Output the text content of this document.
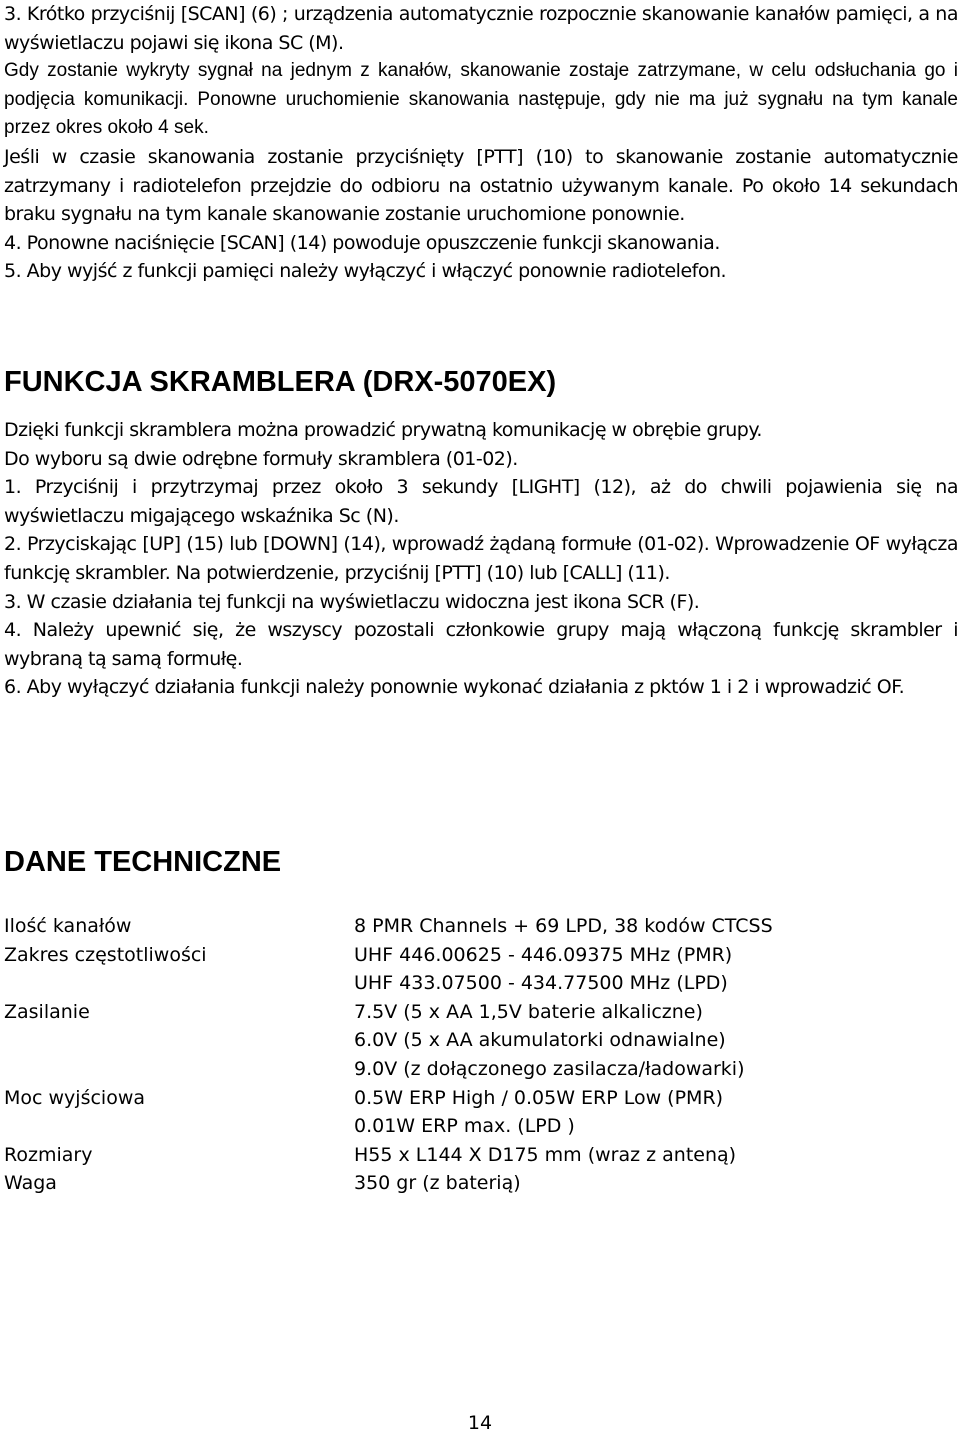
3. Krótko przyciśnij [SCAN] (6) ; urządzenia automatycznie rozpocznie skanowanie kanałów pamięci, a na wyświetlaczu pojawi się ikona SC (M).

Gdy zostanie wykryty sygnał na jednym z kanałów, skanowanie zostaje zatrzymane, w celu odsłuchania go i podjęcia komunikacji. Ponowne uruchomienie skanowania następuje, gdy nie ma już sygnału na tym kanale przez okres około 4 sek.

Jeśli w czasie skanowania zostanie przyciśnięty [PTT] (10) to skanowanie zostanie automatycznie zatrzymany i radiotelefon przejdzie do odbioru na ostatnio używanym kanale. Po około 14 sekundach braku sygnału na tym kanale skanowanie zostanie uruchomione ponownie.

4. Ponowne naciśnięcie [SCAN] (14) powoduje opuszczenie funkcji skanowania.

5. Aby wyjść z funkcji pamięci należy wyłączyć i włączyć ponownie radiotelefon.

FUNKCJA SKRAMBLERA (DRX-5070EX)

Dzięki funkcji skramblera można prowadzić prywatną komunikację w obrębie grupy.

Do wyboru są dwie odrębne formuły skramblera (01-02).

1. Przyciśnij i przytrzymaj przez około 3 sekundy [LIGHT] (12), aż do chwili pojawienia się na wyświetlaczu migającego wskaźnika Sc (N).

2. Przyciskając [UP] (15) lub [DOWN] (14), wprowadź żądaną formułe (01-02). Wprowadzenie OF wyłącza funkcję skrambler. Na potwierdzenie, przyciśnij [PTT] (10) lub [CALL] (11).

3. W czasie działania tej funkcji na wyświetlaczu widoczna jest ikona SCR (F).

4. Należy upewnić się, że wszyscy pozostali członkowie grupy mają włączoną funkcję skrambler i wybraną tą samą formułę.

6. Aby wyłączyć działania funkcji należy ponownie wykonać działania z pktów 1 i 2 i wprowadzić OF.

DANE TECHNICZNE
Ilość kanałów	8 PMR Channels + 69 LPD, 38 kodów CTCSS
Zakres częstotliwości	UHF 446.00625 - 446.09375 MHz (PMR)
UHF 433.07500 - 434.77500 MHz (LPD)
Zasilanie	7.5V (5 x AA 1,5V baterie alkaliczne)
6.0V (5 x AA akumulatorki odnawialne)
9.0V (z dołączonego zasilacza/ładowarki)
Moc wyjściowa	0.5W ERP High / 0.05W ERP Low (PMR)
0.01W ERP max. (LPD )
Rozmiary	H55 x L144 X D175 mm (wraz z anteną)
Waga	350 gr (z baterią)
14
